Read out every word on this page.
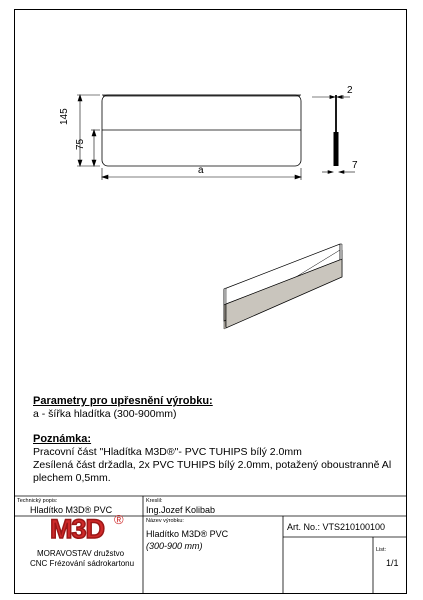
145
75
a
2
7
Parametry pro upřesnění výrobku:
a - šířka hladítka (300-900mm)
Poznámka:
Pracovní část "Hladítka M3D®"- PVC TUHIPS bílý 2.0mm
Zesílená část držadla, 2x PVC TUHIPS bílý 2.0mm, potažený oboustranně Al
plechem 0,5mm.
Technický popis:
Hladítko M3D® PVC
Kreslil:
Ing.Jozef Kolibab
Název výrobku:
Hladítko M3D® PVC
(300-900 mm)
Art. No.: VTS210100100
List:
1/1
M3D ®
MORAVOSTAV družstvo
CNC Frézování sádrokartonu
